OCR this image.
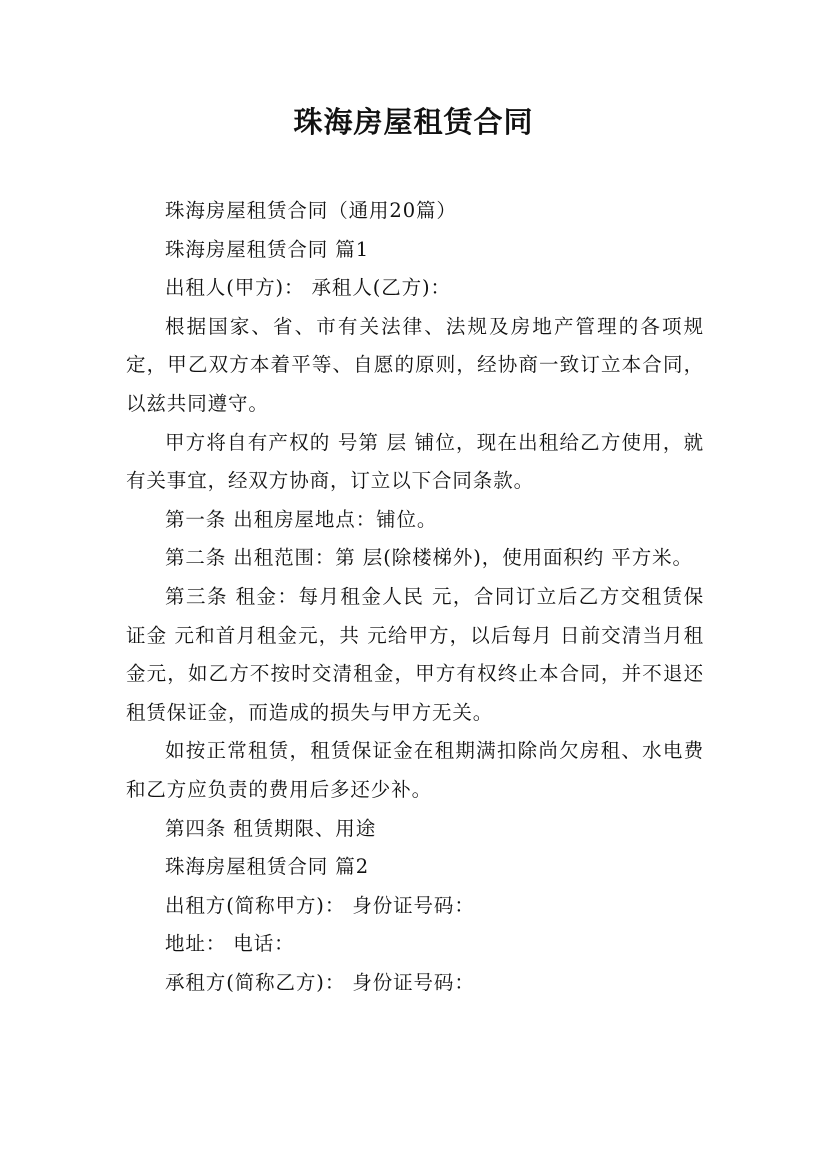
珠海房屋租赁合同

珠海房屋租赁合同（通用20篇）

珠海房屋租赁合同 篇1

出租人(甲方)： 承租人(乙方)：

根据国家、省、市有关法律、法规及房地产管理的各项规定，甲乙双方本着平等、自愿的原则，经协商一致订立本合同，以兹共同遵守。

甲方将自有产权的 号第 层 铺位，现在出租给乙方使用，就有关事宜，经双方协商，订立以下合同条款。

第一条 出租房屋地点：铺位。

第二条 出租范围：第 层(除楼梯外)，使用面积约 平方米。

第三条 租金：每月租金人民 元，合同订立后乙方交租赁保证金 元和首月租金元，共 元给甲方，以后每月 日前交清当月租金元，如乙方不按时交清租金，甲方有权终止本合同，并不退还租赁保证金，而造成的损失与甲方无关。

如按正常租赁，租赁保证金在租期满扣除尚欠房租、水电费和乙方应负责的费用后多还少补。

第四条 租赁期限、用途

珠海房屋租赁合同 篇2

出租方(简称甲方)： 身份证号码：

地址： 电话：

承租方(简称乙方)： 身份证号码：
